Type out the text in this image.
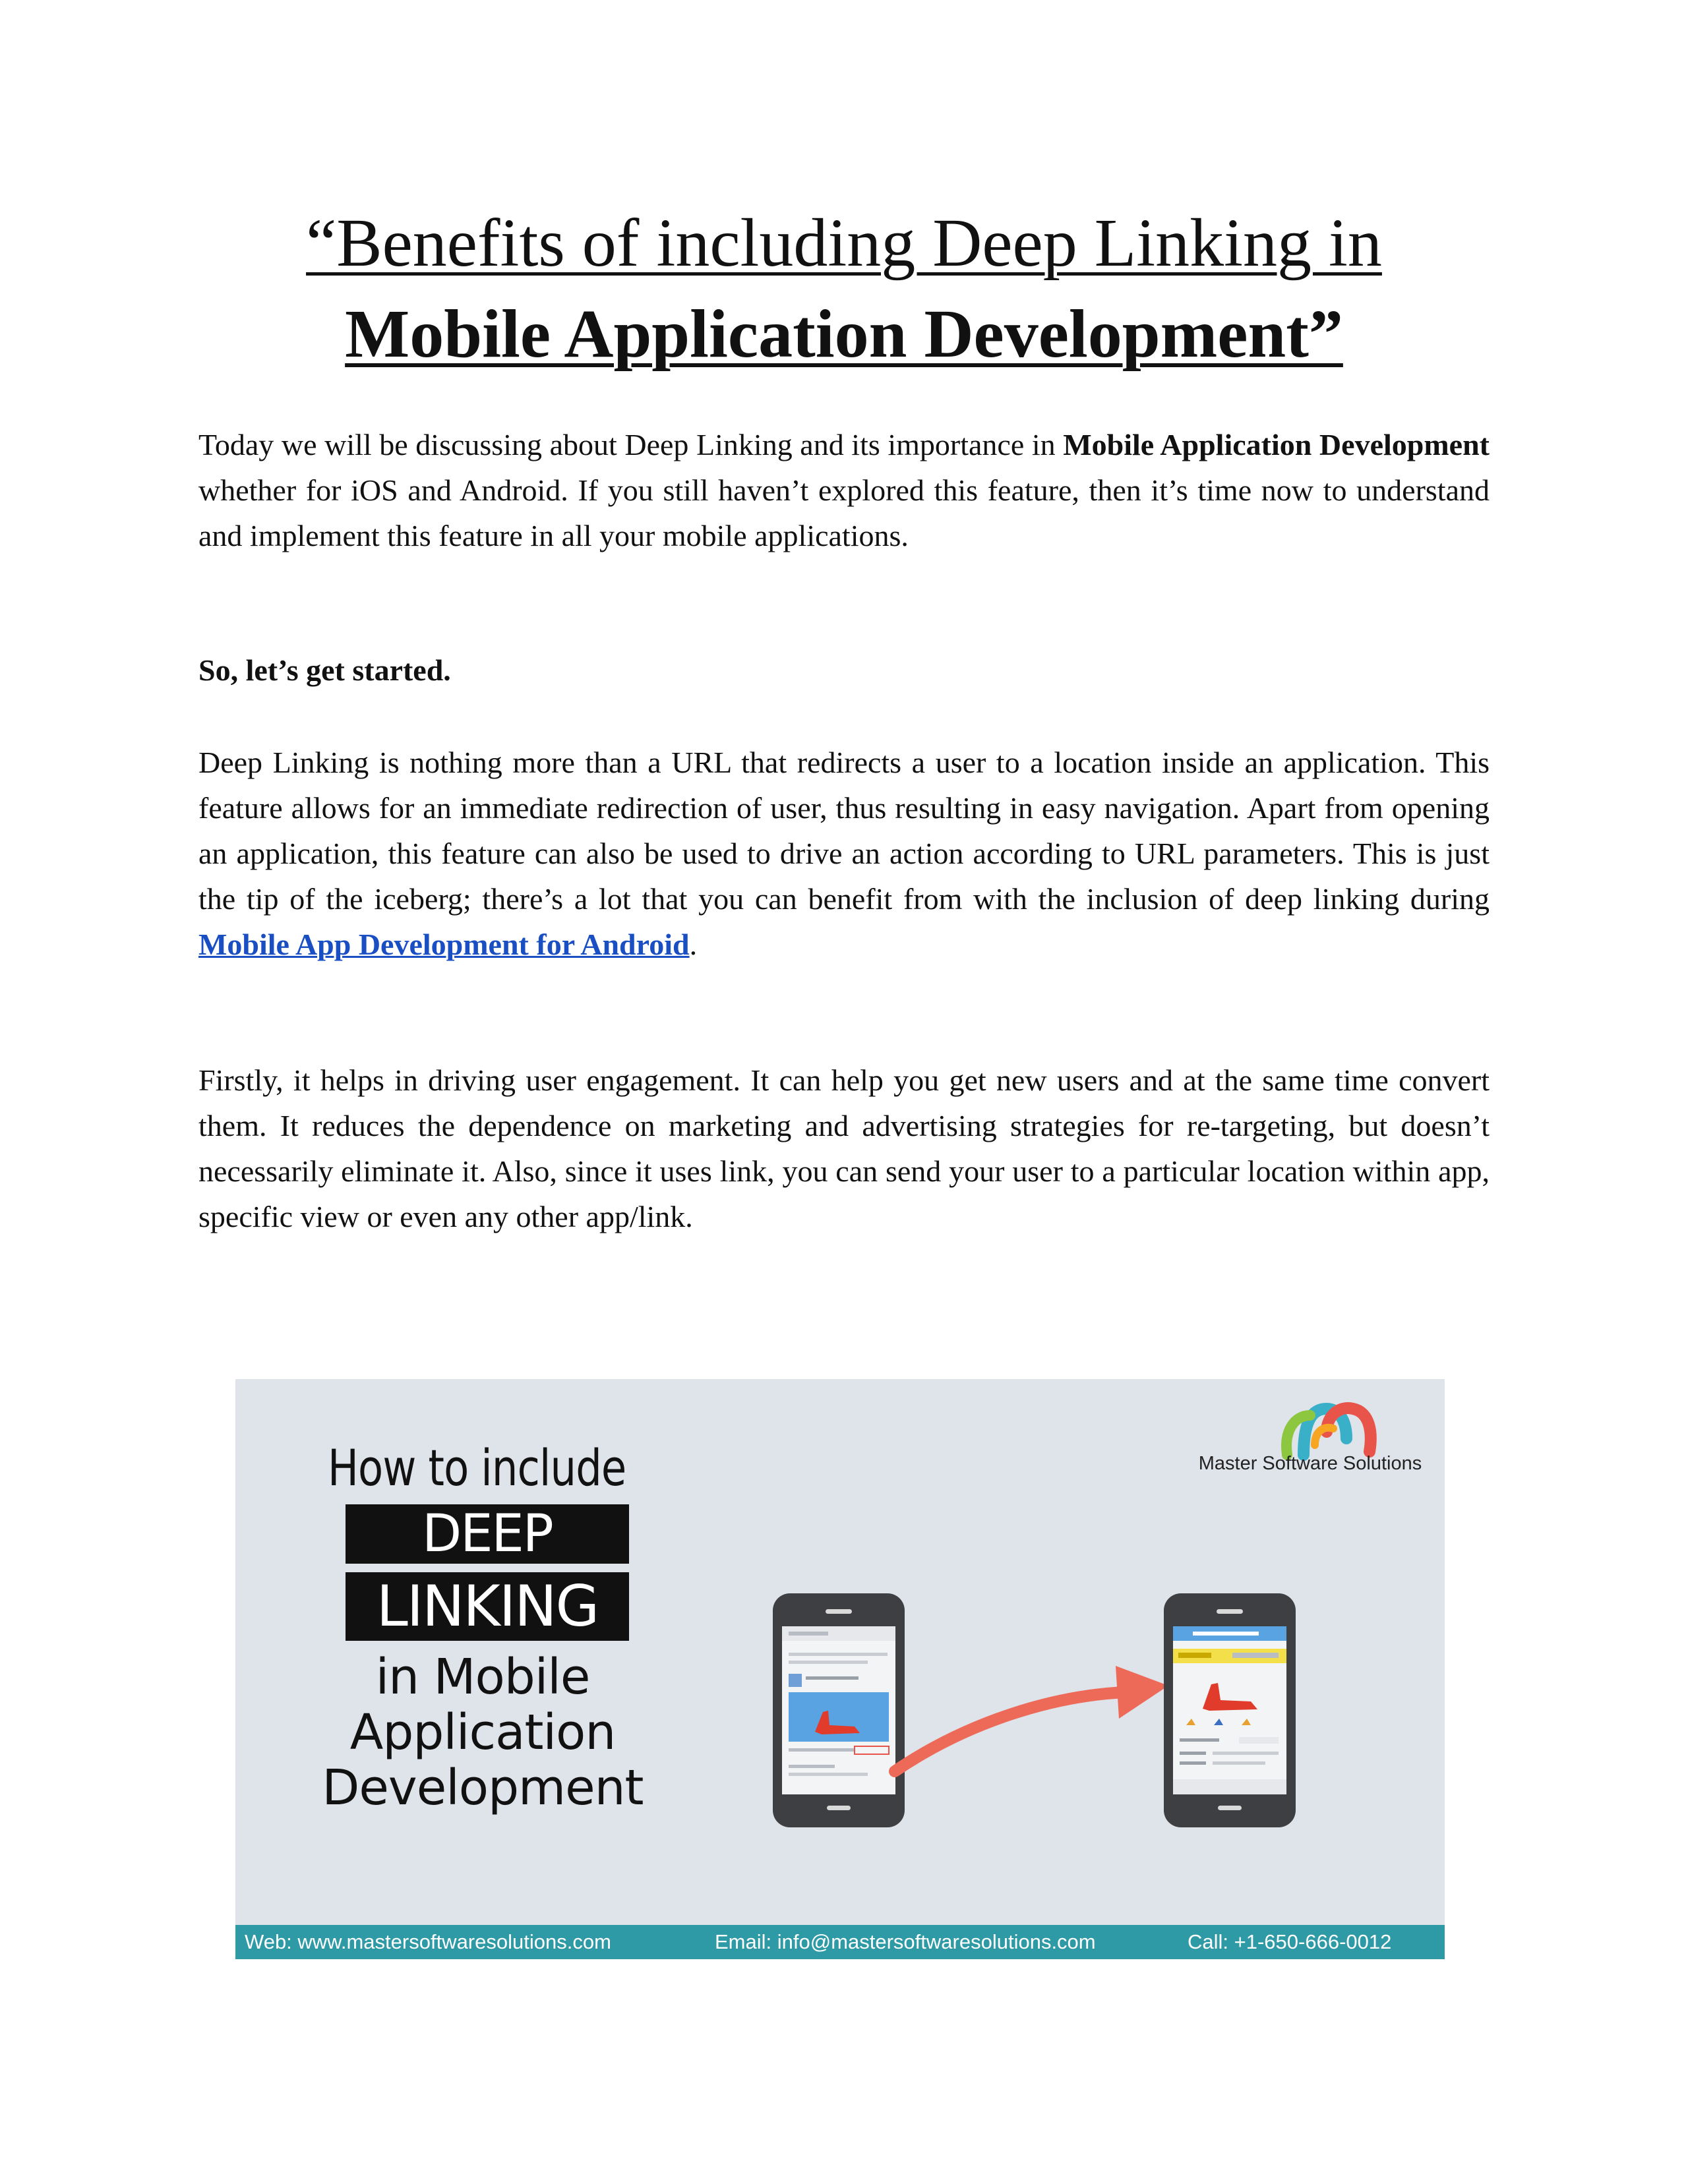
“Benefits of including Deep Linking in
Mobile Application Development”

Today we will be discussing about Deep Linking and its importance in Mobile Application Development whether for iOS and Android. If you still haven’t explored this feature, then it’s time now to understand and implement this feature in all your mobile applications.

So, let’s get started.

Deep Linking is nothing more than a URL that redirects a user to a location inside an application. This feature allows for an immediate redirection of user, thus resulting in easy navigation. Apart from opening an application, this feature can also be used to drive an action according to URL parameters. This is just the tip of the iceberg; there’s a lot that you can benefit from with the inclusion of deep linking during Mobile App Development for Android.

Firstly, it helps in driving user engagement. It can help you get new users and at the same time convert them. It reduces the dependence on marketing and advertising strategies for re-targeting, but doesn’t necessarily eliminate it. Also, since it uses link, you can send your user to a particular location within app, specific view or even any other app/link.

How to include
DEEP
LINKING
in Mobile
Application
Development
Master Software Solutions
Web: www.mastersoftwaresolutions.com	Email: info@mastersoftwaresolutions.com	Call: +1-650-666-0012
